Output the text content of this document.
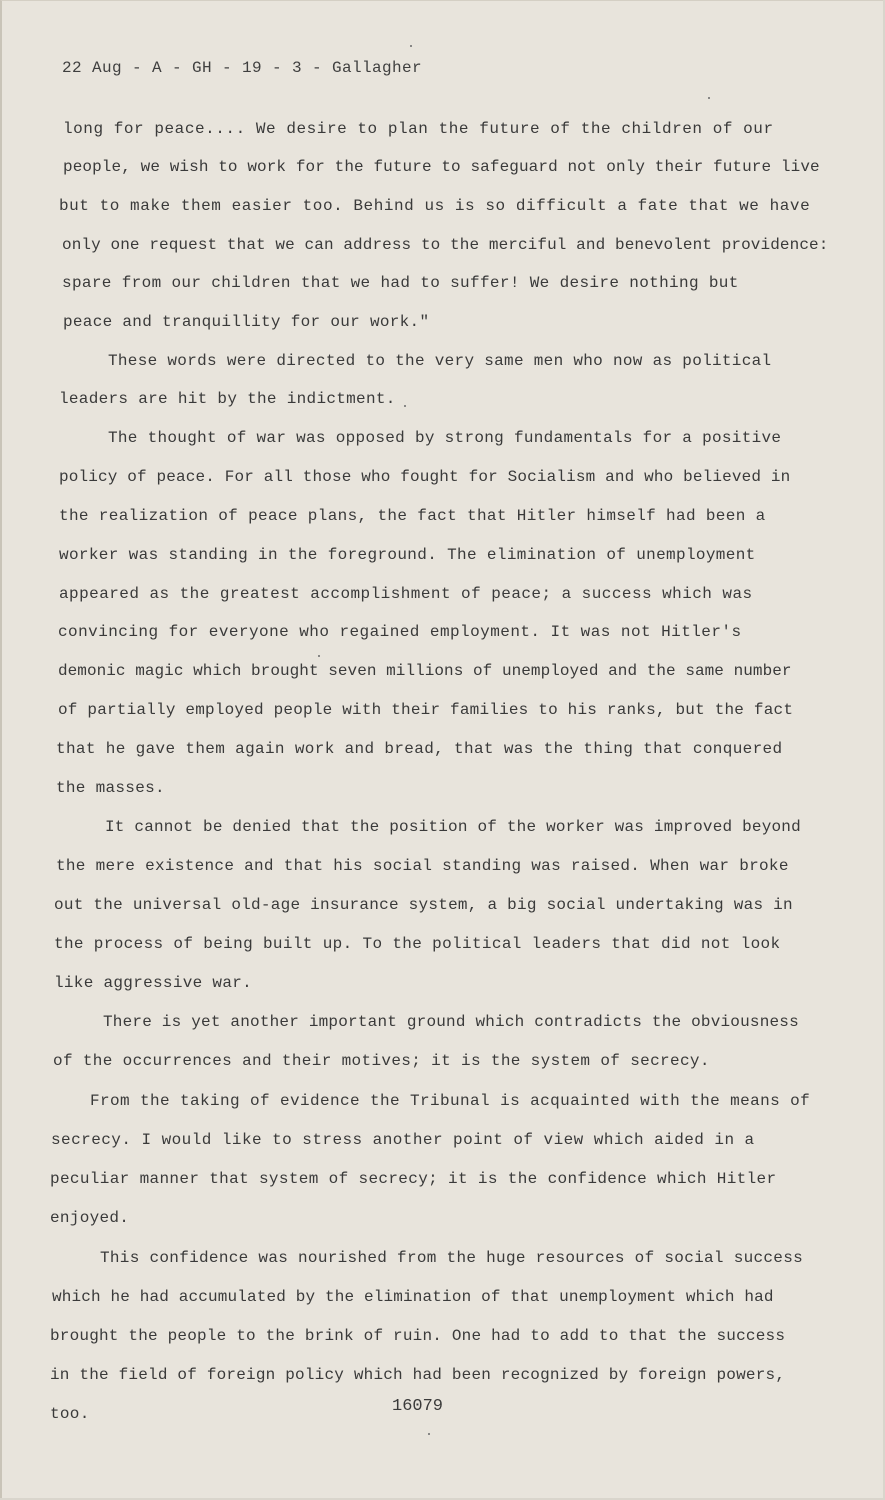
22 Aug - A - GH - 19 - 3 - Gallagher
long for peace.... We desire to plan the future of the children of our
people, we wish to work for the future to safeguard not only their future live
but to make them easier too. Behind us is so difficult a fate that we have
only one request that we can address to the merciful and benevolent providence:
spare from our children that we had to suffer! We desire nothing but
peace and tranquillity for our work."
These words were directed to the very same men who now as political
leaders are hit by the indictment.
The thought of war was opposed by strong fundamentals for a positive
policy of peace. For all those who fought for Socialism and who believed in
the realization of peace plans, the fact that Hitler himself had been a
worker was standing in the foreground. The elimination of unemployment
appeared as the greatest accomplishment of peace; a success which was
convincing for everyone who regained employment. It was not Hitler's
demonic magic which brought seven millions of unemployed and the same number
of partially employed people with their families to his ranks, but the fact
that he gave them again work and bread, that was the thing that conquered
the masses.
It cannot be denied that the position of the worker was improved beyond
the mere existence and that his social standing was raised. When war broke
out the universal old-age insurance system, a big social undertaking was in
the process of being built up. To the political leaders that did not look
like aggressive war.
There is yet another important ground which contradicts the obviousness
of the occurrences and their motives; it is the system of secrecy.
From the taking of evidence the Tribunal is acquainted with the means of
secrecy. I would like to stress another point of view which aided in a
peculiar manner that system of secrecy; it is the confidence which Hitler
enjoyed.
This confidence was nourished from the huge resources of social success
which he had accumulated by the elimination of that unemployment which had
brought the people to the brink of ruin. One had to add to that the success
in the field of foreign policy which had been recognized by foreign powers,
too.	16079
